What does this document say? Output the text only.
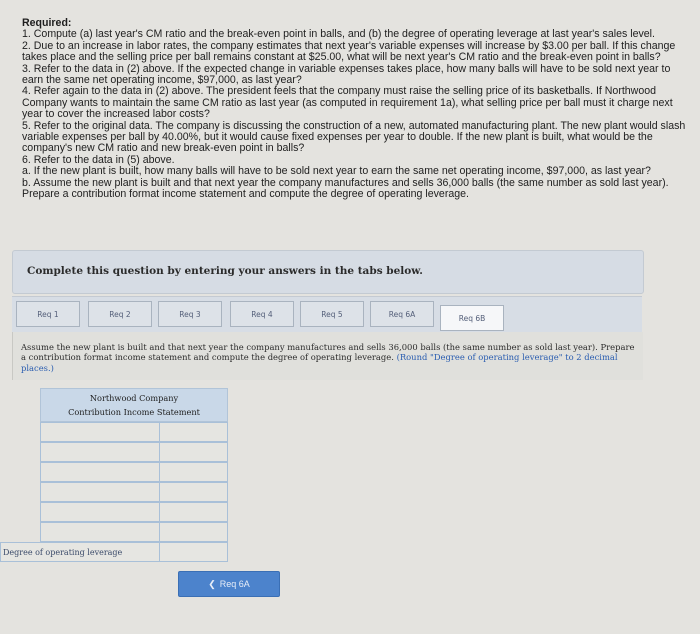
Required:

1. Compute (a) last year's CM ratio and the break-even point in balls, and (b) the degree of operating leverage at last year's sales level.

2. Due to an increase in labor rates, the company estimates that next year's variable expenses will increase by $3.00 per ball. If this change takes place and the selling price per ball remains constant at $25.00, what will be next year's CM ratio and the break-even point in balls?

3. Refer to the data in (2) above. If the expected change in variable expenses takes place, how many balls will have to be sold next year to earn the same net operating income, $97,000, as last year?

4. Refer again to the data in (2) above. The president feels that the company must raise the selling price of its basketballs. If Northwood Company wants to maintain the same CM ratio as last year (as computed in requirement 1a), what selling price per ball must it charge next year to cover the increased labor costs?

5. Refer to the original data. The company is discussing the construction of a new, automated manufacturing plant. The new plant would slash variable expenses per ball by 40.00%, but it would cause fixed expenses per year to double. If the new plant is built, what would be the company's new CM ratio and new break-even point in balls?

6. Refer to the data in (5) above.

a. If the new plant is built, how many balls will have to be sold next year to earn the same net operating income, $97,000, as last year?

b. Assume the new plant is built and that next year the company manufactures and sells 36,000 balls (the same number as sold last year). Prepare a contribution format income statement and compute the degree of operating leverage.

Complete this question by entering your answers in the tabs below.
Req 1	Req 2	Req 3	Req 4	Req 5	Req 6A	Req 6B
Assume the new plant is built and that next year the company manufactures and sells 36,000 balls (the same number as sold last year). Prepare a contribution format income statement and compute the degree of operating leverage. (Round "Degree of operating leverage" to 2 decimal places.)
Northwood Company
Contribution Income Statement
Degree of operating leverage
❮ Req 6A
